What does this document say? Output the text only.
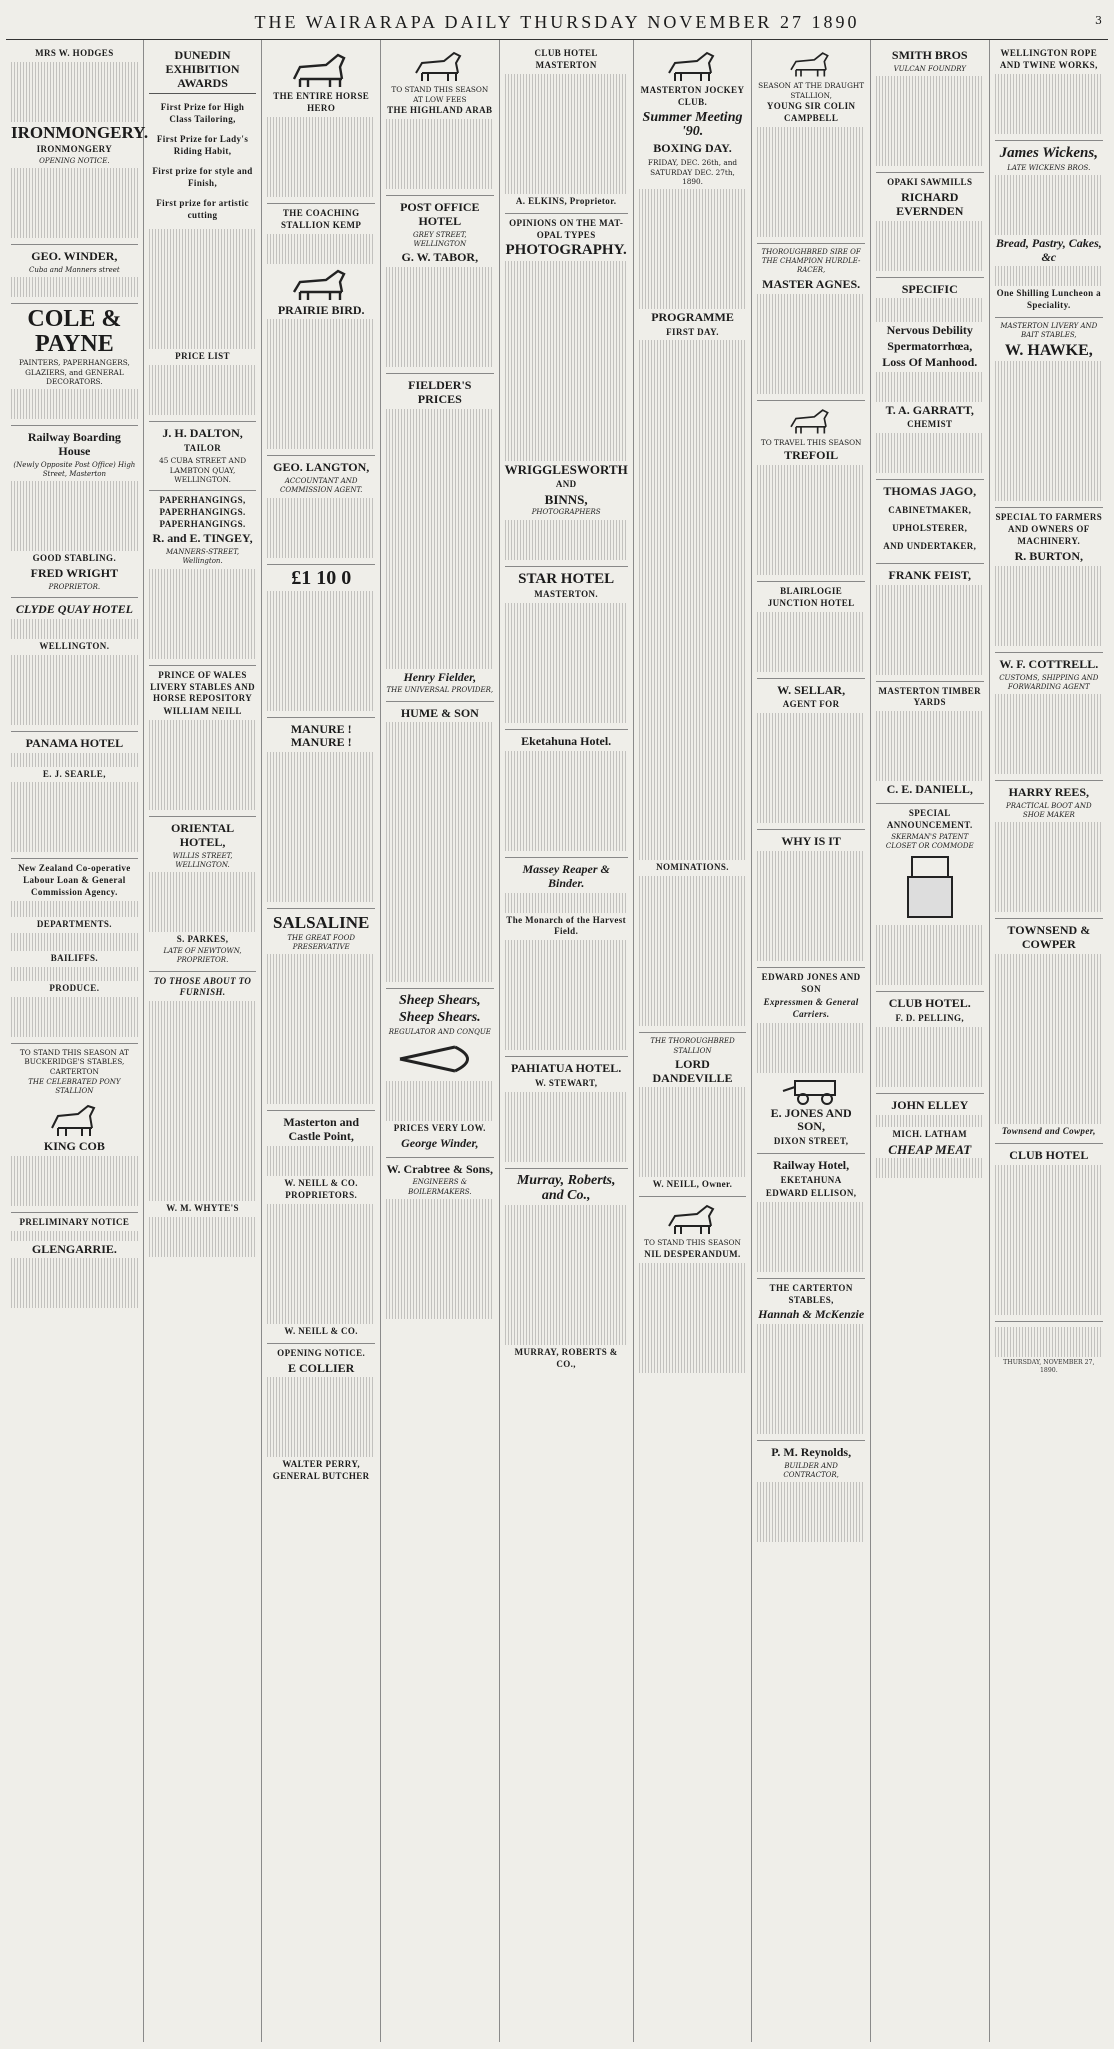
THE WAIRARAPA DAILY THURSDAY NOVEMBER 27 1890	3
MRS W. HODGES
IRONMONGERY.
IRONMONGERY
OPENING NOTICE.
GEO. WINDER,
Cuba and Manners street
COLE &
PAYNE
PAINTERS, PAPERHANGERS, GLAZIERS, and GENERAL DECORATORS.
Railway Boarding House
(Newly Opposite Post Office) High Street, Masterton
GOOD STABLING.
FRED WRIGHT
PROPRIETOR.
CLYDE QUAY HOTEL
WELLINGTON.
PANAMA HOTEL
E. J. SEARLE,
New Zealand Co-operative Labour Loan & General Commission Agency.
DEPARTMENTS.
BAILIFFS.
PRODUCE.
TO STAND THIS SEASON AT BUCKERIDGE'S STABLES, CARTERTON
THE CELEBRATED PONY STALLION
KING COB
PRELIMINARY NOTICE
GLENGARRIE.
DUNEDIN EXHIBITION AWARDS
First Prize for High Class Tailoring,
First Prize for Lady's Riding Habit,
First prize for style and Finish,
First prize for artistic cutting
PRICE LIST
J. H. DALTON,
TAILOR
45 CUBA STREET AND LAMBTON QUAY, WELLINGTON.
PAPERHANGINGS, PAPERHANGINGS. PAPERHANGINGS.
R. and E. TINGEY,
MANNERS-STREET, Wellington.
PRINCE OF WALES LIVERY STABLES AND HORSE REPOSITORY
WILLIAM NEILL
ORIENTAL HOTEL,
WILLIS STREET, WELLINGTON.
S. PARKES,
LATE OF NEWTOWN, PROPRIETOR.
TO THOSE ABOUT TO FURNISH.
W. M. WHYTE'S
THE ENTIRE HORSE HERO
THE COACHING STALLION KEMP
PRAIRIE BIRD.
GEO. LANGTON,
ACCOUNTANT AND COMMISSION AGENT.
£1 10 0
MANURE ! MANURE !
SALSALINE
THE GREAT FOOD PRESERVATIVE
Masterton and Castle Point,
W. NEILL & CO. PROPRIETORS.
W. NEILL & CO.
OPENING NOTICE.
E COLLIER
WALTER PERRY, GENERAL BUTCHER
TO STAND THIS SEASON AT LOW FEES
THE HIGHLAND ARAB
POST OFFICE HOTEL
GREY STREET, WELLINGTON
G. W. TABOR,
FIELDER'S PRICES
Henry Fielder,
THE UNIVERSAL PROVIDER,
HUME & SON
Sheep Shears,
Sheep Shears.
REGULATOR AND CONQUE
PRICES VERY LOW.
George Winder,
W. Crabtree & Sons,
ENGINEERS & BOILERMAKERS.
CLUB HOTEL MASTERTON
A. ELKINS, Proprietor.
OPINIONS ON THE MAT-OPAL TYPES
PHOTOGRAPHY.
WRIGGLESWORTH
AND
BINNS,
PHOTOGRAPHERS
STAR HOTEL
MASTERTON.
Eketahuna Hotel.
Massey Reaper & Binder.
The Monarch of the Harvest Field.
PAHIATUA HOTEL.
W. STEWART,
Murray, Roberts, and Co.,
MURRAY, ROBERTS & CO.,
MASTERTON JOCKEY CLUB.
Summer Meeting '90.
BOXING DAY.
FRIDAY, DEC. 26th, and SATURDAY DEC. 27th, 1890.
PROGRAMME
FIRST DAY.
NOMINATIONS.
THE THOROUGHBRED STALLION
LORD DANDEVILLE
W. NEILL, Owner.
TO STAND THIS SEASON
NIL DESPERANDUM.
SEASON AT THE DRAUGHT STALLION,
YOUNG SIR COLIN CAMPBELL
THOROUGHBRED SIRE OF THE CHAMPION HURDLE-RACER,
MASTER AGNES.
TO TRAVEL THIS SEASON
TREFOIL
BLAIRLOGIE JUNCTION HOTEL
W. SELLAR,
AGENT FOR
WHY IS IT
EDWARD JONES AND SON
Expressmen & General Carriers.
E. JONES AND SON,
DIXON STREET,
Railway Hotel,
EKETAHUNA
EDWARD ELLISON,
THE CARTERTON STABLES,
Hannah & McKenzie
P. M. Reynolds,
BUILDER AND CONTRACTOR,
SMITH BROS
VULCAN FOUNDRY
OPAKI SAWMILLS
RICHARD EVERNDEN
SPECIFIC
Nervous Debility
Spermatorrhœa,
Loss Of Manhood.
T. A. GARRATT,
CHEMIST
THOMAS JAGO,
CABINETMAKER,
UPHOLSTERER,
AND UNDERTAKER,
FRANK FEIST,
MASTERTON TIMBER YARDS
C. E. DANIELL,
SPECIAL ANNOUNCEMENT.
SKERMAN'S PATENT CLOSET OR COMMODE
CLUB HOTEL.
F. D. PELLING,
JOHN ELLEY
MICH. LATHAM
CHEAP MEAT
WELLINGTON ROPE AND TWINE WORKS,
James Wickens,
LATE WICKENS BROS.
Bread, Pastry, Cakes, &c
One Shilling Luncheon a Speciality.
MASTERTON LIVERY AND BAIT STABLES,
W. HAWKE,
SPECIAL TO FARMERS AND OWNERS OF MACHINERY.
R. BURTON,
W. F. COTTRELL.
CUSTOMS, SHIPPING AND FORWARDING AGENT
HARRY REES,
PRACTICAL BOOT AND SHOE MAKER
TOWNSEND & COWPER
Townsend and Cowper,
CLUB HOTEL
THURSDAY, NOVEMBER 27, 1890.
